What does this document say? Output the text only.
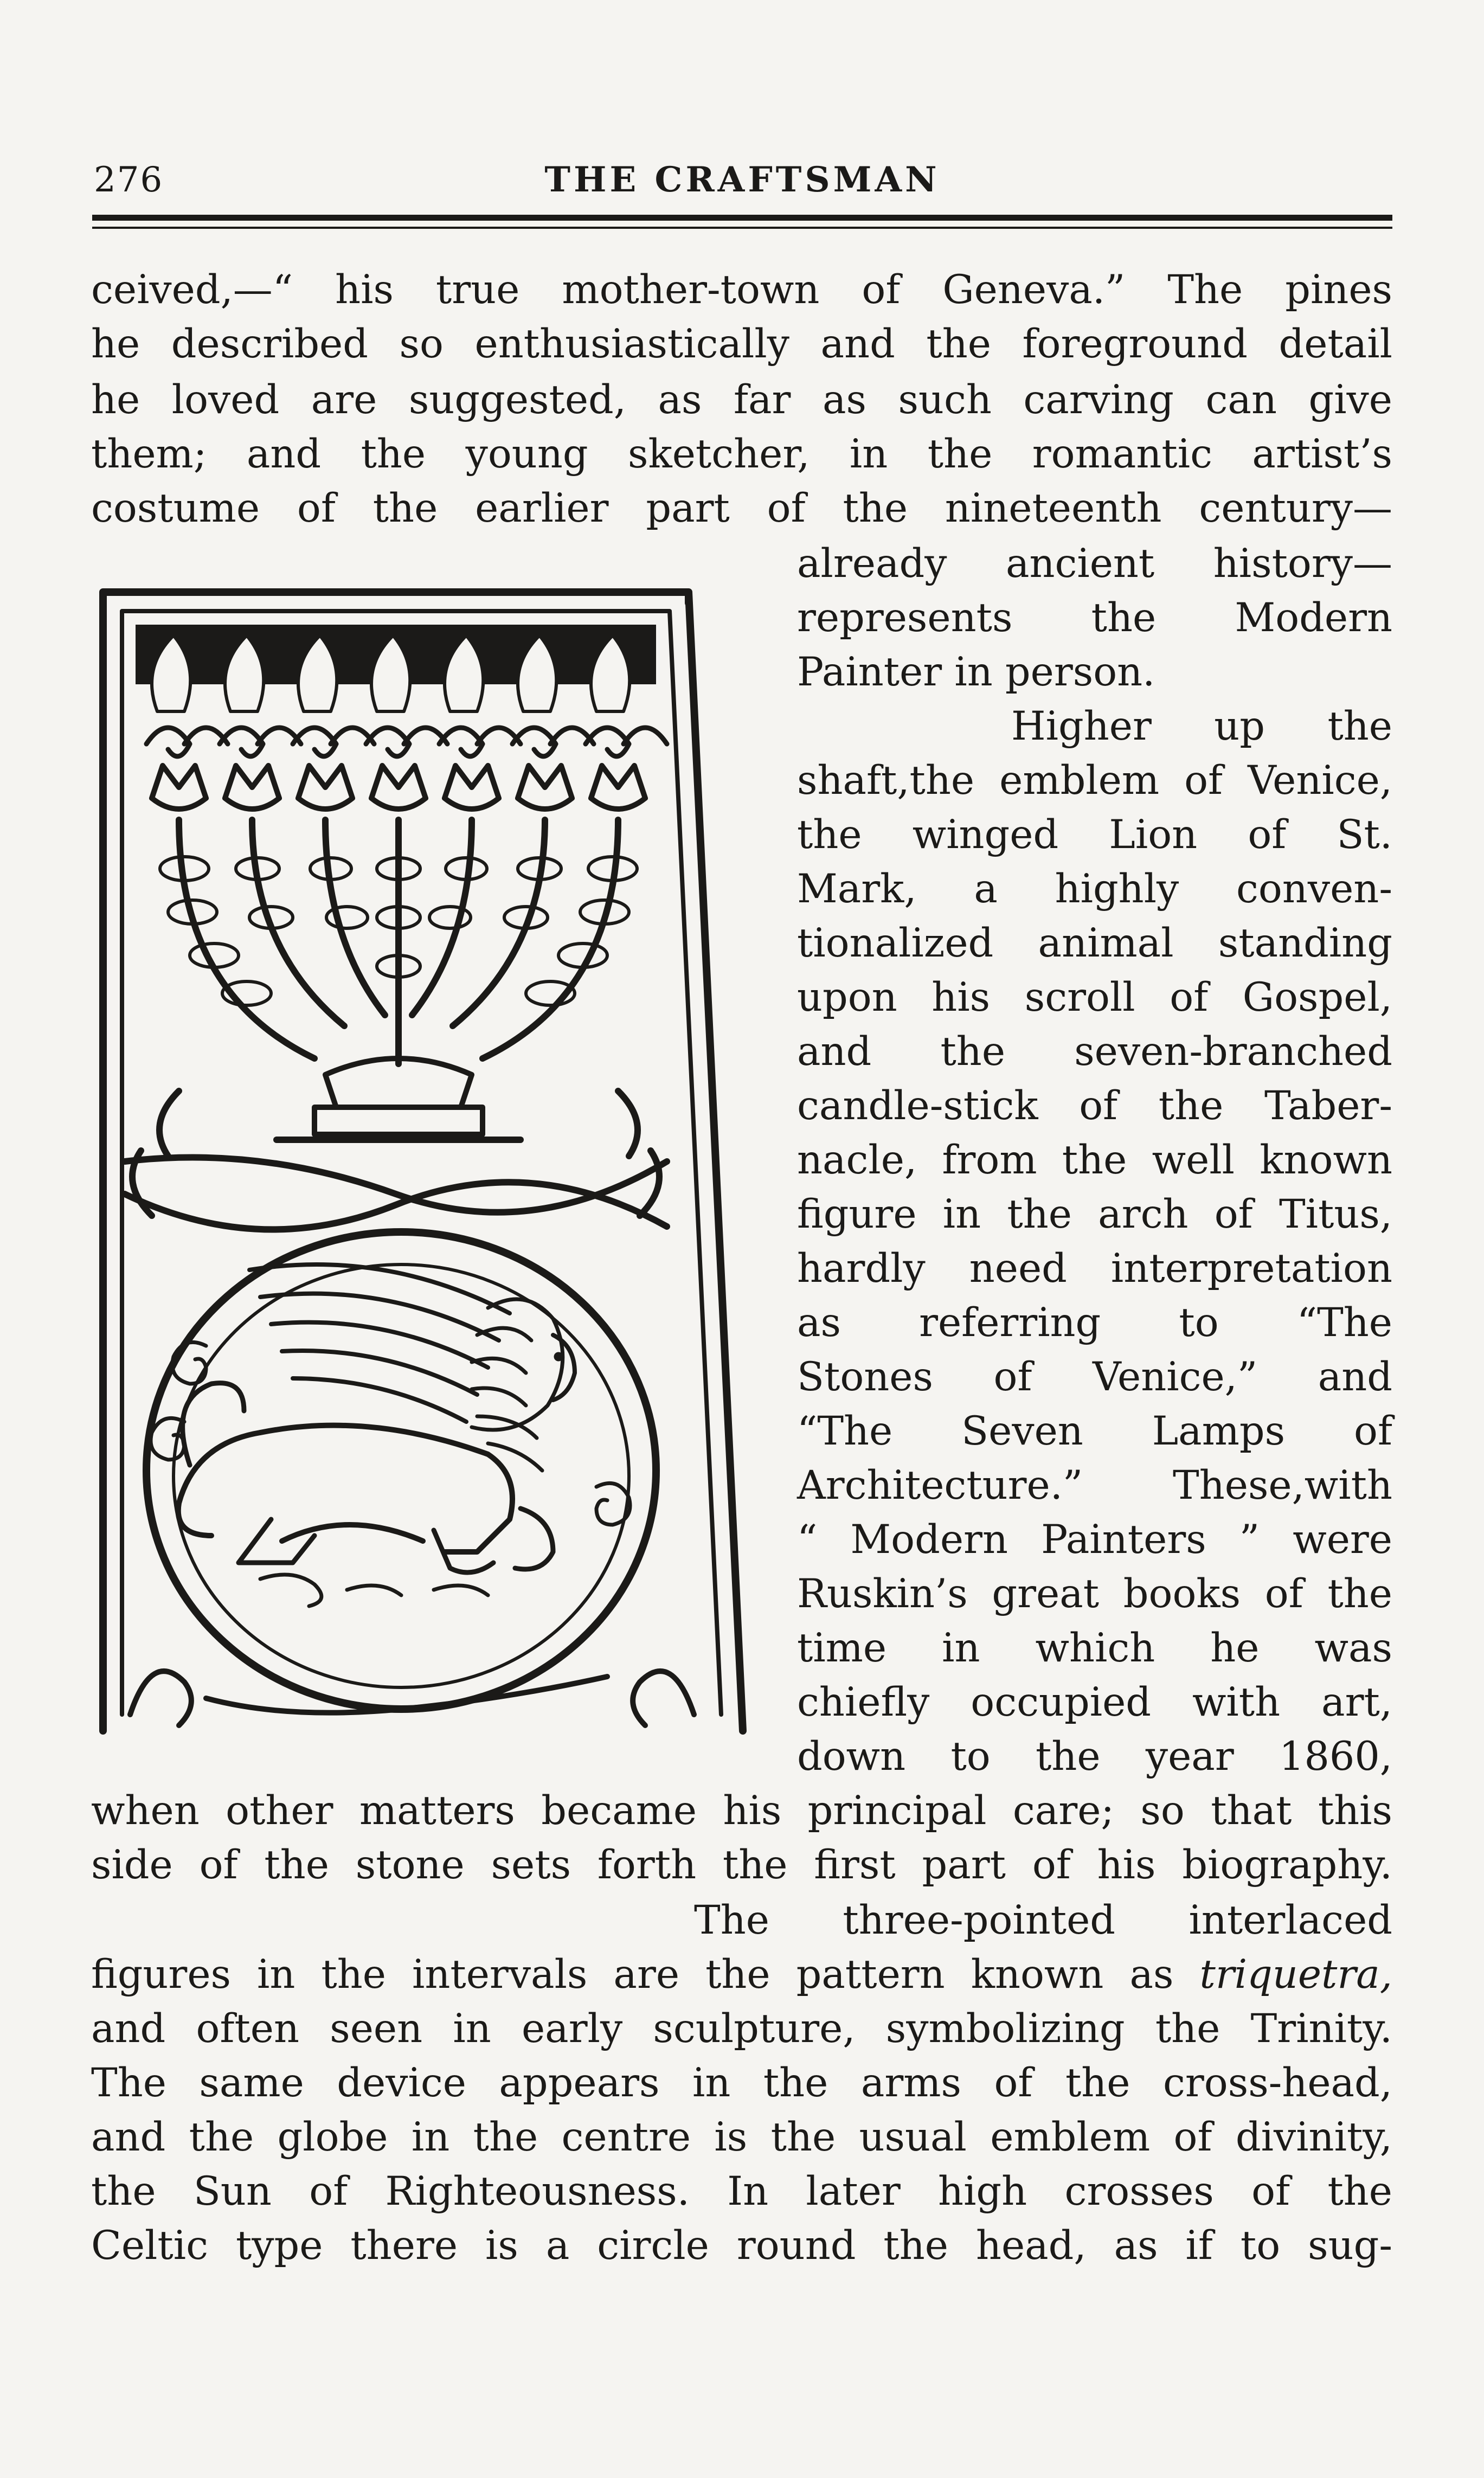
276	THE CRAFTSMAN
ceived,—“ his true mother-town of Geneva.” The pines
he described so enthusiastically and the foreground detail
he loved are suggested, as far as such carving can give
them; and the young sketcher, in the romantic artist’s
costume of the earlier part of the nineteenth century—
already ancient history—
represents the Modern
Painter in person.
Higher up the
shaft,the emblem of Venice,
the winged Lion of St.
Mark, a highly conven-
tionalized animal standing
upon his scroll of Gospel,
and the seven-branched
candle-stick of the Taber-
nacle, from the well known
figure in the arch of Titus,
hardly need interpretation
as referring to “The
Stones of Venice,” and
“The Seven Lamps of
Architecture.” These,with
“ Modern Painters ” were
Ruskin’s great books of the
time in which he was
chiefly occupied with art,
down to the year 1860,
when other matters became his principal care; so that this
side of the stone sets forth the first part of his biography.
The three-pointed interlaced
figures in the intervals are the pattern known as triquetra,
and often seen in early sculpture, symbolizing the Trinity.
The same device appears in the arms of the cross-head,
and the globe in the centre is the usual emblem of divinity,
the Sun of Righteousness. In later high crosses of the
Celtic type there is a circle round the head, as if to sug-
